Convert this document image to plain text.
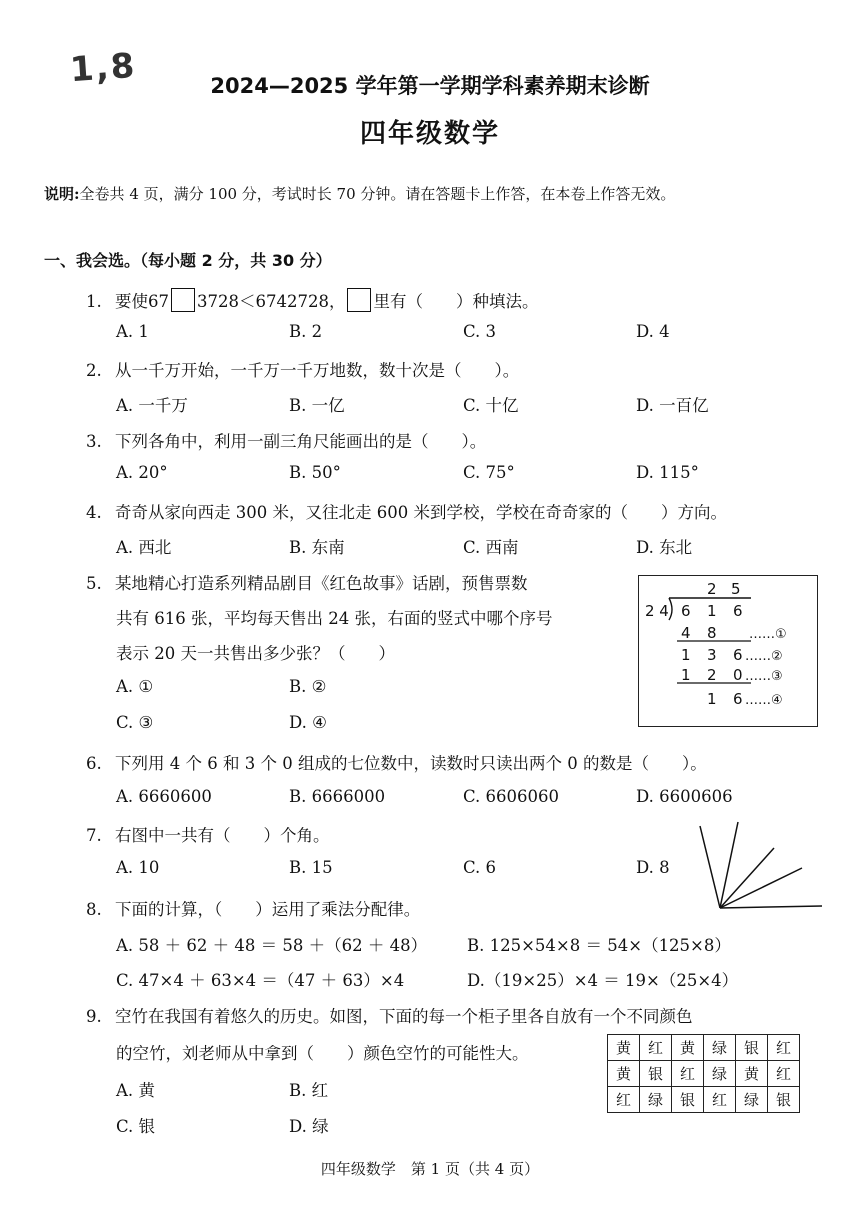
1,8	2024—2025 学年第一学期学科素养期末诊断
四年级数学
说明:全卷共 4 页，满分 100 分，考试时长 70 分钟。请在答题卡上作答，在本卷上作答无效。
一、我会选。（每小题 2 分，共 30 分）
1. 要使67 3728＜6742728， 里有（　　）种填法。
A. 1	B. 2	C. 3	D. 4
2. 从一千万开始，一千万一千万地数，数十次是（　　）。
A. 一千万	B. 一亿	C. 十亿	D. 一百亿
3. 下列各角中，利用一副三角尺能画出的是（　　）。
A. 20°	B. 50°	C. 75°	D. 115°
4. 奇奇从家向西走 300 米，又往北走 600 米到学校，学校在奇奇家的（　　）方向。
A. 西北	B. 东南	C. 西南	D. 东北
5. 某地精心打造系列精品剧目《红色故事》话剧，预售票数
共有 616 张，平均每天售出 24 张，右面的竖式中哪个序号
表示 20 天一共售出多少张？（　　）
A. ①	B. ②
C. ③	D. ④
2 5
2 4 6 1 6
4 8
1 3 6
1 2 0
1 6
……①
……②
……③
……④
6. 下列用 4 个 6 和 3 个 0 组成的七位数中，读数时只读出两个 0 的数是（　　）。
A. 6660600	B. 6666000	C. 6606060	D. 6600606
7. 右图中一共有（　　）个角。
A. 10	B. 15	C. 6	D. 8
8. 下面的计算，（　　）运用了乘法分配律。
A. 58 ＋ 62 ＋ 48 ＝ 58 ＋（62 ＋ 48） B. 125×54×8 ＝ 54×（125×8）
C. 47×4 ＋ 63×4 ＝（47 ＋ 63）×4	D.（19×25）×4 ＝ 19×（25×4）
9. 空竹在我国有着悠久的历史。如图，下面的每一个柜子里各自放有一个不同颜色
的空竹，刘老师从中拿到（　　）颜色空竹的可能性大。
A. 黄	B. 红
C. 银	D. 绿
黄	红	黄	绿	银	红
黄	银	红	绿	黄	红
红	绿	银	红	绿	银
四年级数学　第 1 页（共 4 页）
